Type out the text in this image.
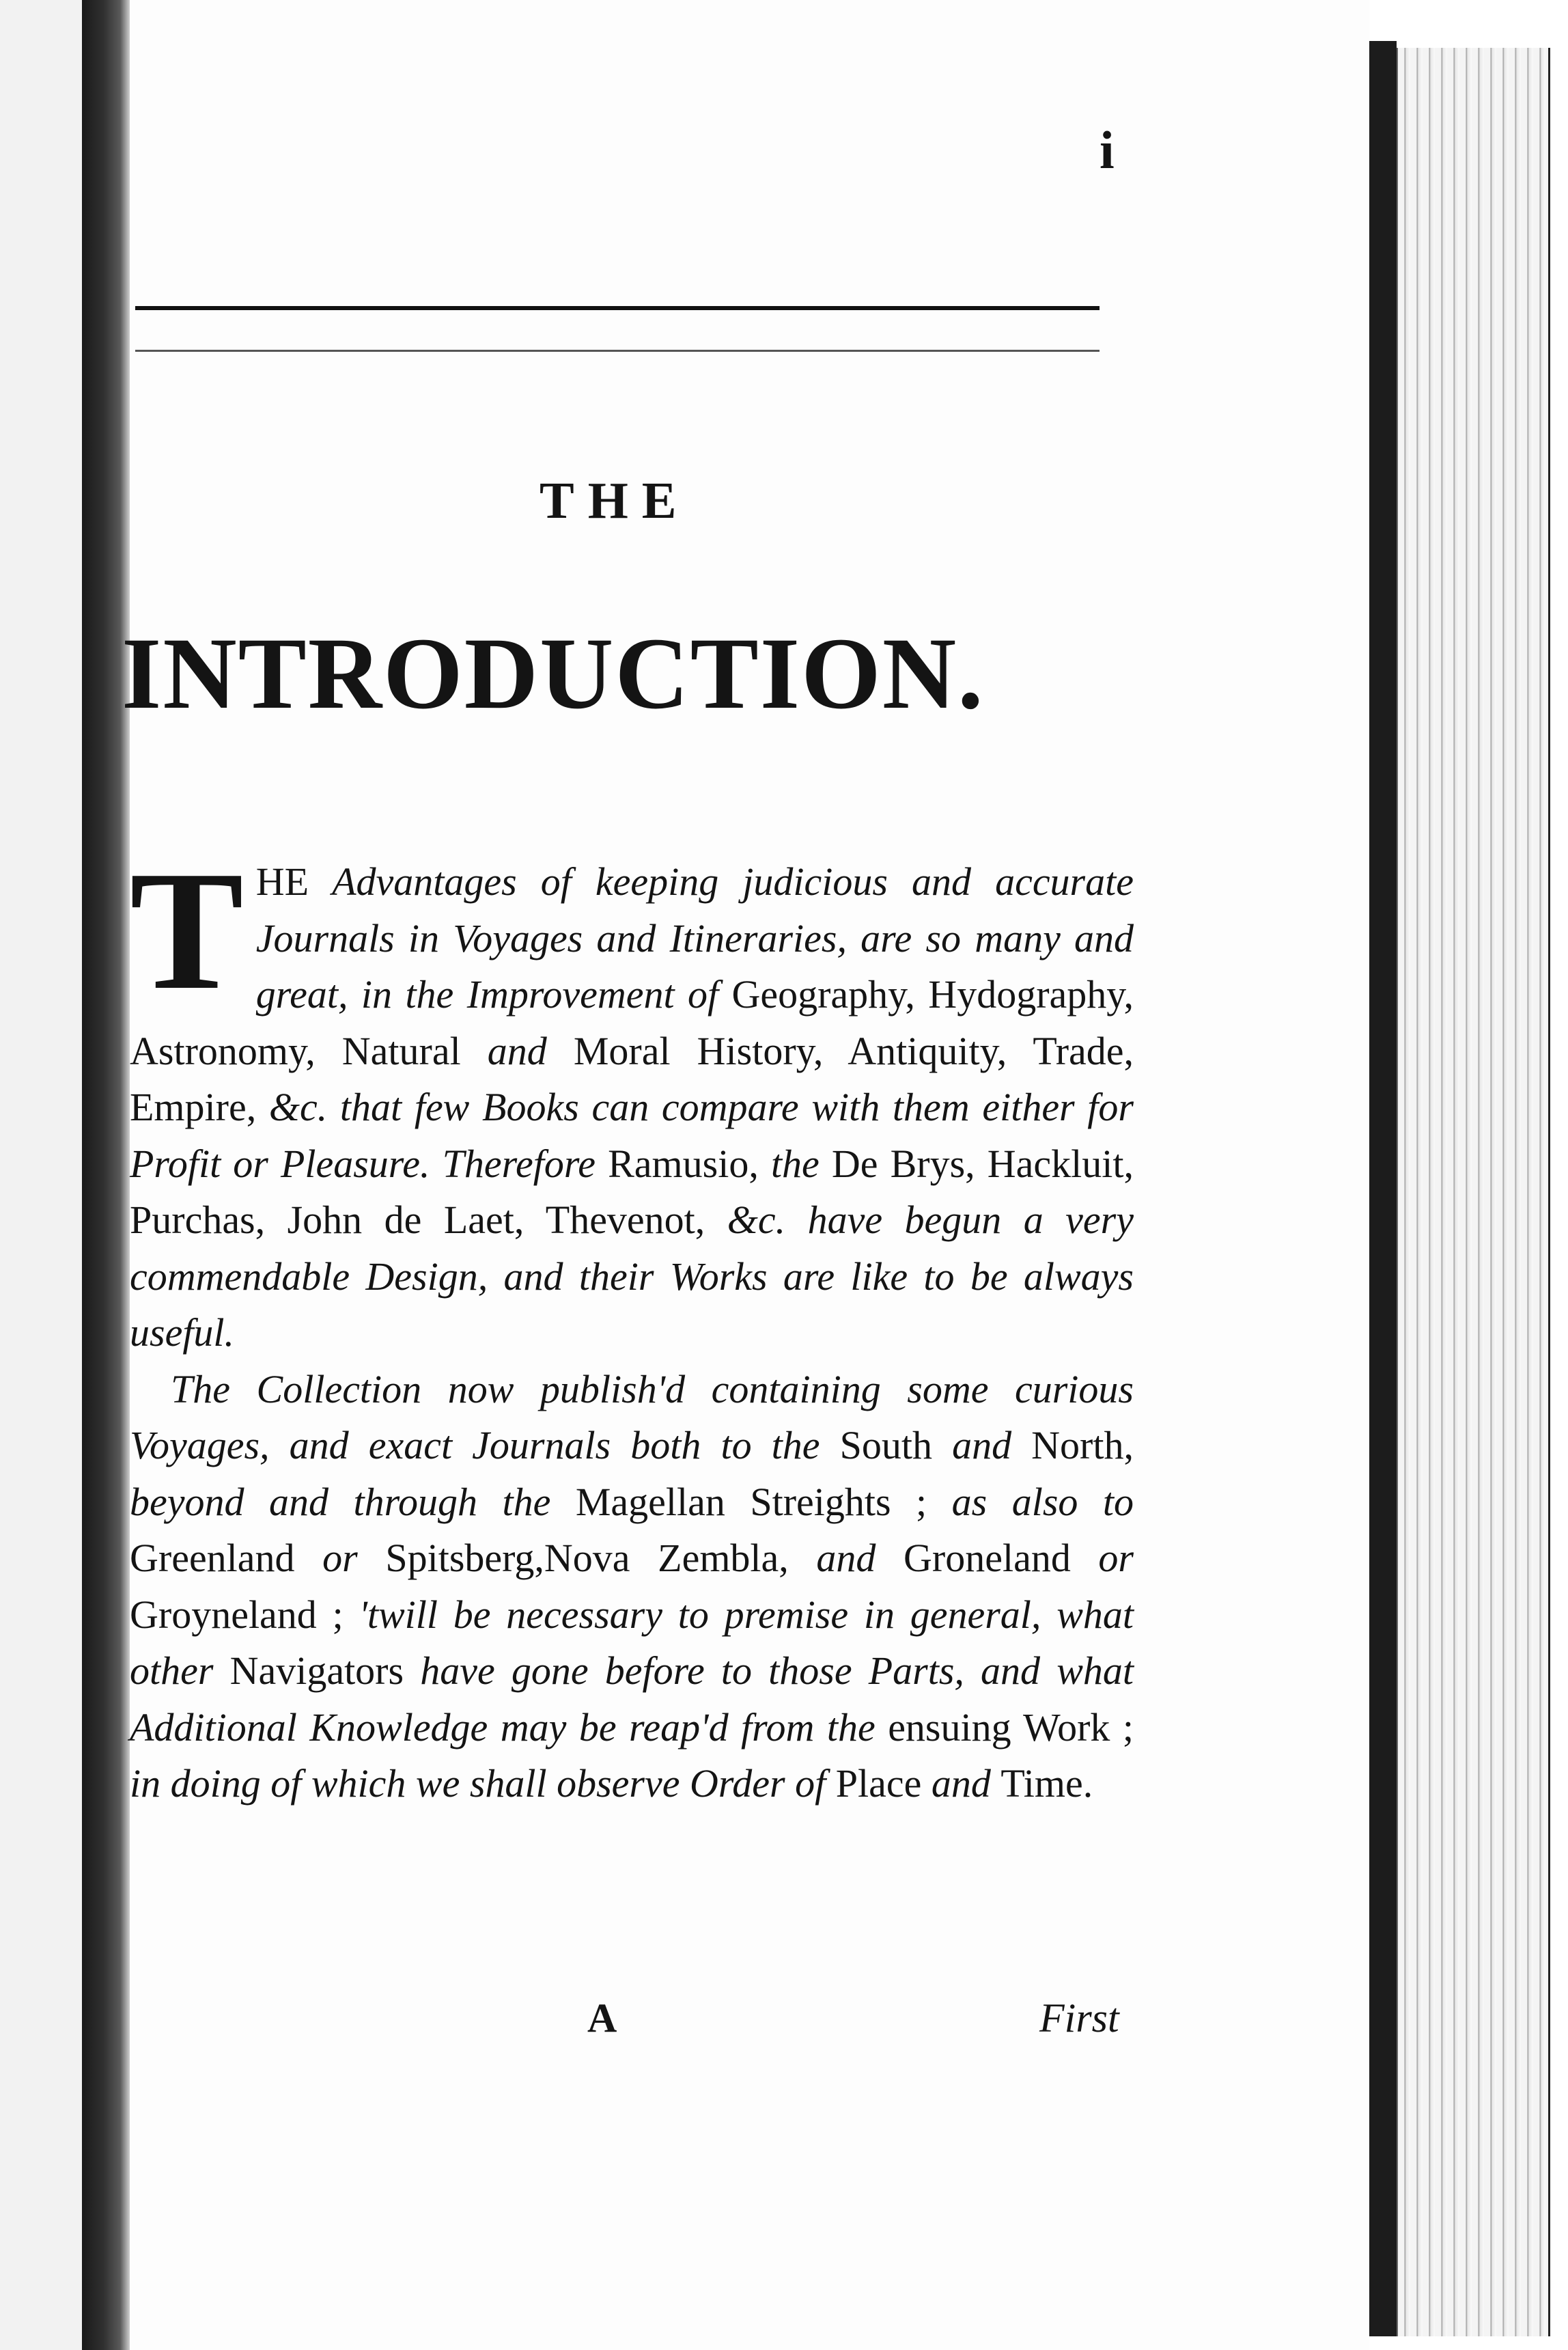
i
THE
INTRODUCTION.

THE Advantages of keeping judicious and accurate Journals in Voyages and Itineraries, are so many and great, in the Improvement of Geography, Hydography, Astronomy, Natural and Moral History, Antiquity, Trade, Empire, &c. that few Books can compare with them either for Profit or Pleasure. Therefore Ramusio, the De Brys, Hackluit, Purchas, John de Laet, Thevenot, &c. have begun a very commendable Design, and their Works are like to be always useful.

The Collection now publish'd containing some curious Voyages, and exact Journals both to the South and North, beyond and through the Magellan Streights ; as also to Greenland or Spitsberg,Nova Zembla, and Groneland or Groyneland ; 'twill be necessary to premise in general, what other Navigators have gone before to those Parts, and what Additional Knowledge may be reap'd from the ensuing Work ; in doing of which we shall observe Order of Place and Time.

A	First
